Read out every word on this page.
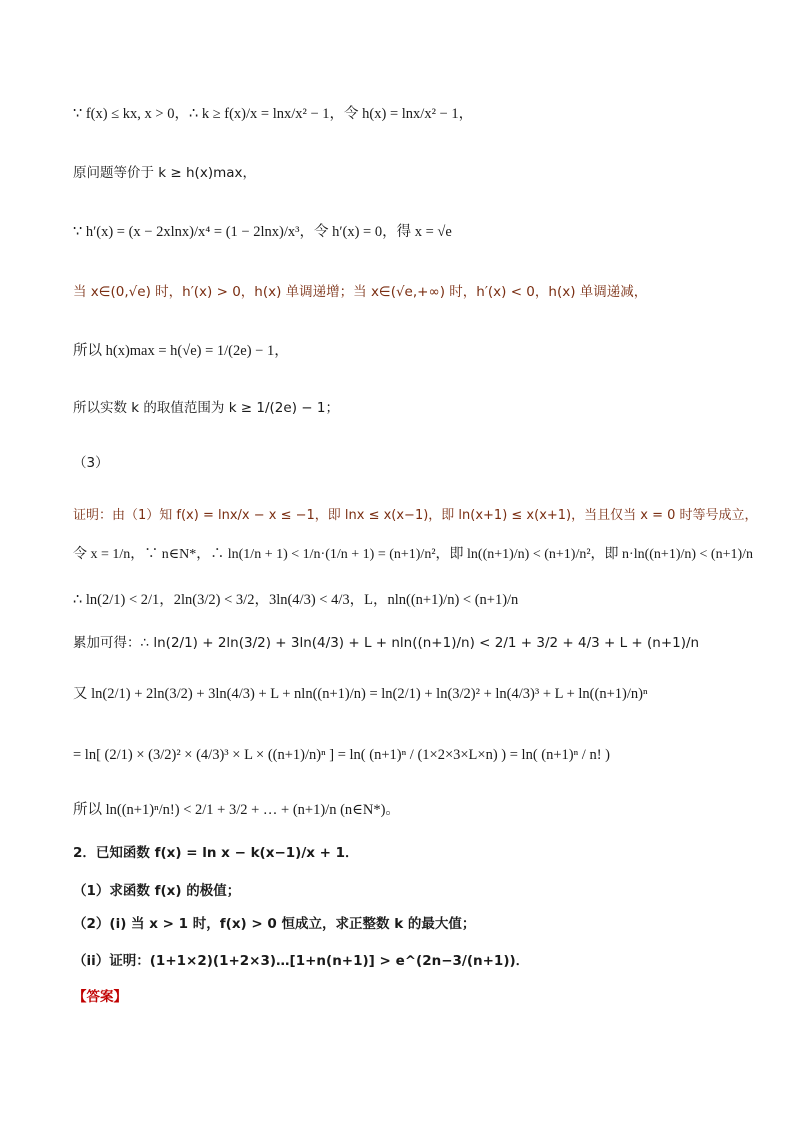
∵ f(x) ≤ kx, x > 0，∴ k ≥ f(x)/x = lnx/x² − 1，令 h(x) = lnx/x² − 1，
原问题等价于 k ≥ h(x)max，
∵ h′(x) = (x − 2xlnx)/x⁴ = (1 − 2lnx)/x³，令 h′(x) = 0，得 x = √e
当 x∈(0,√e) 时，h′(x) > 0，h(x) 单调递增；当 x∈(√e,+∞) 时，h′(x) < 0，h(x) 单调递减，
所以 h(x)max = h(√e) = 1/(2e) − 1，
所以实数 k 的取值范围为 k ≥ 1/(2e) − 1；
（3）
证明：由（1）知 f(x) = lnx/x − x ≤ −1，即 lnx ≤ x(x−1)，即 ln(x+1) ≤ x(x+1)，当且仅当 x = 0 时等号成立，
令 x = 1/n，∵ n∈N*，∴ ln(1/n + 1) < 1/n·(1/n + 1) = (n+1)/n²，即 ln((n+1)/n) < (n+1)/n²，即 n·ln((n+1)/n) < (n+1)/n
∴ ln(2/1) < 2/1，2ln(3/2) < 3/2，3ln(4/3) < 4/3，L，nln((n+1)/n) < (n+1)/n
累加可得：∴ ln(2/1) + 2ln(3/2) + 3ln(4/3) + L + nln((n+1)/n) < 2/1 + 3/2 + 4/3 + L + (n+1)/n
又 ln(2/1) + 2ln(3/2) + 3ln(4/3) + L + nln((n+1)/n) = ln(2/1) + ln(3/2)² + ln(4/3)³ + L + ln((n+1)/n)ⁿ
= ln[ (2/1) × (3/2)² × (4/3)³ × L × ((n+1)/n)ⁿ ] = ln( (n+1)ⁿ / (1×2×3×L×n) ) = ln( (n+1)ⁿ / n! )
所以 ln((n+1)ⁿ/n!) < 2/1 + 3/2 + … + (n+1)/n (n∈N*)。
2．已知函数 f(x) = ln x − k(x−1)/x + 1．
（1）求函数 f(x) 的极值；
（2）(i) 当 x > 1 时，f(x) > 0 恒成立，求正整数 k 的最大值；
（ii）证明：(1+1×2)(1+2×3)…[1+n(n+1)] > e^(2n−3/(n+1))．
【答案】
